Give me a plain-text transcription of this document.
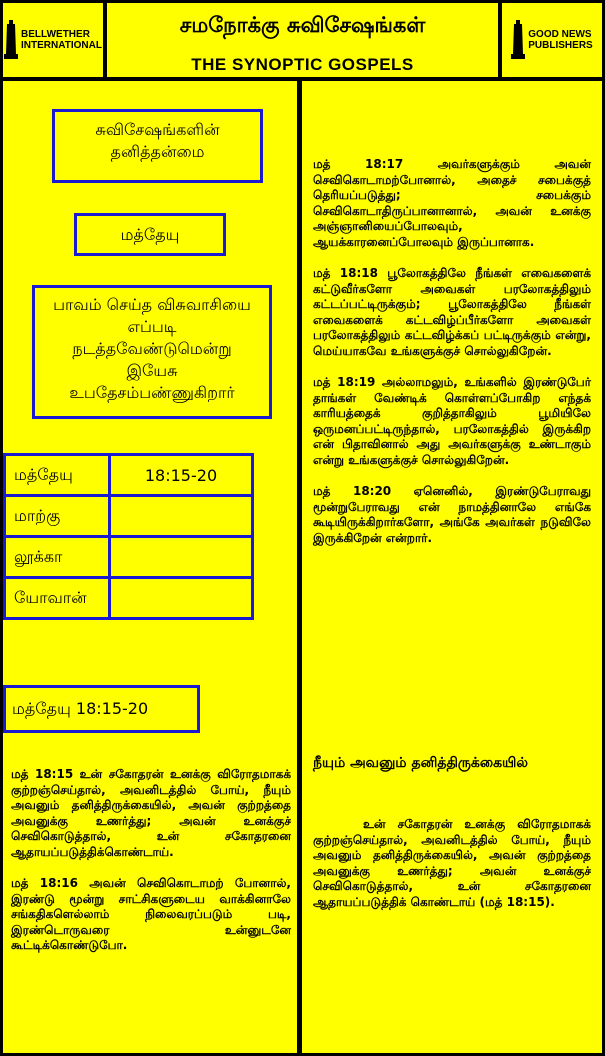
BELLWETHER
INTERNATIONAL
சமநோக்கு சுவிசேஷங்கள்
THE SYNOPTIC GOSPELS
GOOD NEWS
PUBLISHERS
சுவிசேஷங்களின் தனித்தன்மை
மத்தேயு
பாவம் செய்த விசுவாசியை எப்படி நடத்தவேண்டுமென்று இயேசு உபதேசம்பண்ணுகிறார்
மத்தேயு	18:15-20
மாற்கு	
லூக்கா	
யோவான்	
மத்தேயு 18:15-20

மத் 18:15 உன் சகோதரன் உனக்கு விரோதமாகக் குற்றஞ்செய்தால், அவனிடத்தில் போய், நீயும் அவனும் தனித்திருக்கையில், அவன் குற்றத்தை அவனுக்கு உணர்த்து; அவன் உனக்குச் செவிகொடுத்தால், உன் சகோதரனை ஆதாயப்படுத்திக்கொண்டாய்.

மத் 18:16 அவன் செவிகொடாமற் போனால், இரண்டு மூன்று சாட்சிகளுடைய வாக்கினாலே சங்கதிகளெல்லாம் நிலைவரப்படும் படி, இரண்டொருவரை உன்னுடனே கூட்டிக்கொண்டுபோ.

மத் 18:17 அவர்களுக்கும் அவன் செவிகொடாமற்போனால், அதைச் சபைக்குத் தெரியப்படுத்து; சபைக்கும் செவிகொடாதிருப்பானானால், அவன் உனக்கு அஞ்ஞானியைப்போலவும், ஆயக்காரனைப்போலவும் இருப்பானாக.

மத் 18:18 பூலோகத்திலே நீங்கள் எவைகளைக் கட்டுவீர்களோ அவைகள் பரலோகத்திலும் கட்டப்பட்டிருக்கும்; பூலோகத்திலே நீங்கள் எவைகளைக் கட்டவிழ்ப்பீர்களோ அவைகள் பரலோகத்திலும் கட்டவிழ்க்கப் பட்டிருக்கும் என்று, மெய்யாகவே உங்களுக்குச் சொல்லுகிறேன்.

மத் 18:19 அல்லாமலும், உங்களில் இரண்டுபேர் தாங்கள் வேண்டிக் கொள்ளப்போகிற எந்தக் காரியத்தைக் குறித்தாகிலும் பூமியிலே ஒருமனப்பட்டிருந்தால், பரலோகத்தில் இருக்கிற என் பிதாவினால் அது அவர்களுக்கு உண்டாகும் என்று உங்களுக்குச் சொல்லுகிறேன்.

மத் 18:20 ஏனெனில், இரண்டுபேராவது மூன்றுபேராவது என் நாமத்தினாலே எங்கே கூடியிருக்கிறார்களோ, அங்கே அவர்கள் நடுவிலே இருக்கிறேன் என்றார்.

நீயும் அவனும் தனித்திருக்கையில்

உன் சகோதரன் உனக்கு விரோதமாகக் குற்றஞ்செய்தால், அவனிடத்தில் போய், நீயும் அவனும் தனித்திருக்கையில், அவன் குற்றத்தை அவனுக்கு உணர்த்து; அவன் உனக்குச் செவிகொடுத்தால், உன் சகோதரனை ஆதாயப்படுத்திக் கொண்டாய் (மத் 18:15).
